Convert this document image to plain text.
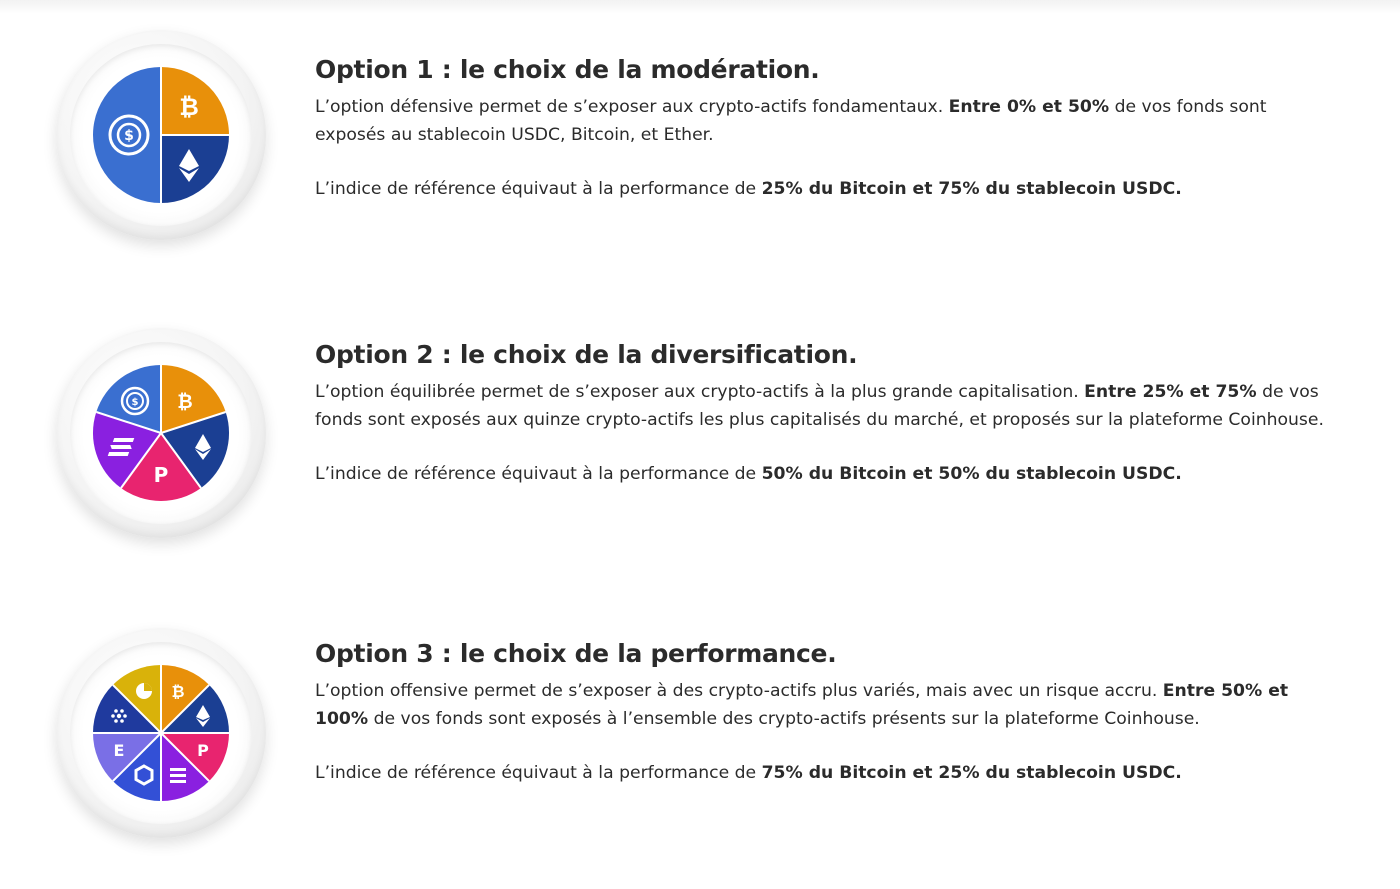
$
₿
Option 1 : le choix de la modération.

L’option défensive permet de s’exposer aux crypto-actifs fondamentaux. Entre 0% et 50% de vos fonds sont exposés au stablecoin USDC, Bitcoin, et Ether.

L’indice de référence équivaut à la performance de 25% du Bitcoin et 75% du stablecoin USDC.

$ ₿
P
Option 2 : le choix de la diversification.

L’option équilibrée permet de s’exposer aux crypto-actifs à la plus grande capitalisation. Entre 25% et 75% de vos fonds sont exposés aux quinze crypto-actifs les plus capitalisés du marché, et proposés sur la plateforme Coinhouse.

L’indice de référence équivaut à la performance de 50% du Bitcoin et 50% du stablecoin USDC.

₿
P
E
Option 3 : le choix de la performance.

L’option offensive permet de s’exposer à des crypto-actifs plus variés, mais avec un risque accru. Entre 50% et 100% de vos fonds sont exposés à l’ensemble des crypto-actifs présents sur la plateforme Coinhouse.

L’indice de référence équivaut à la performance de 75% du Bitcoin et 25% du stablecoin USDC.
